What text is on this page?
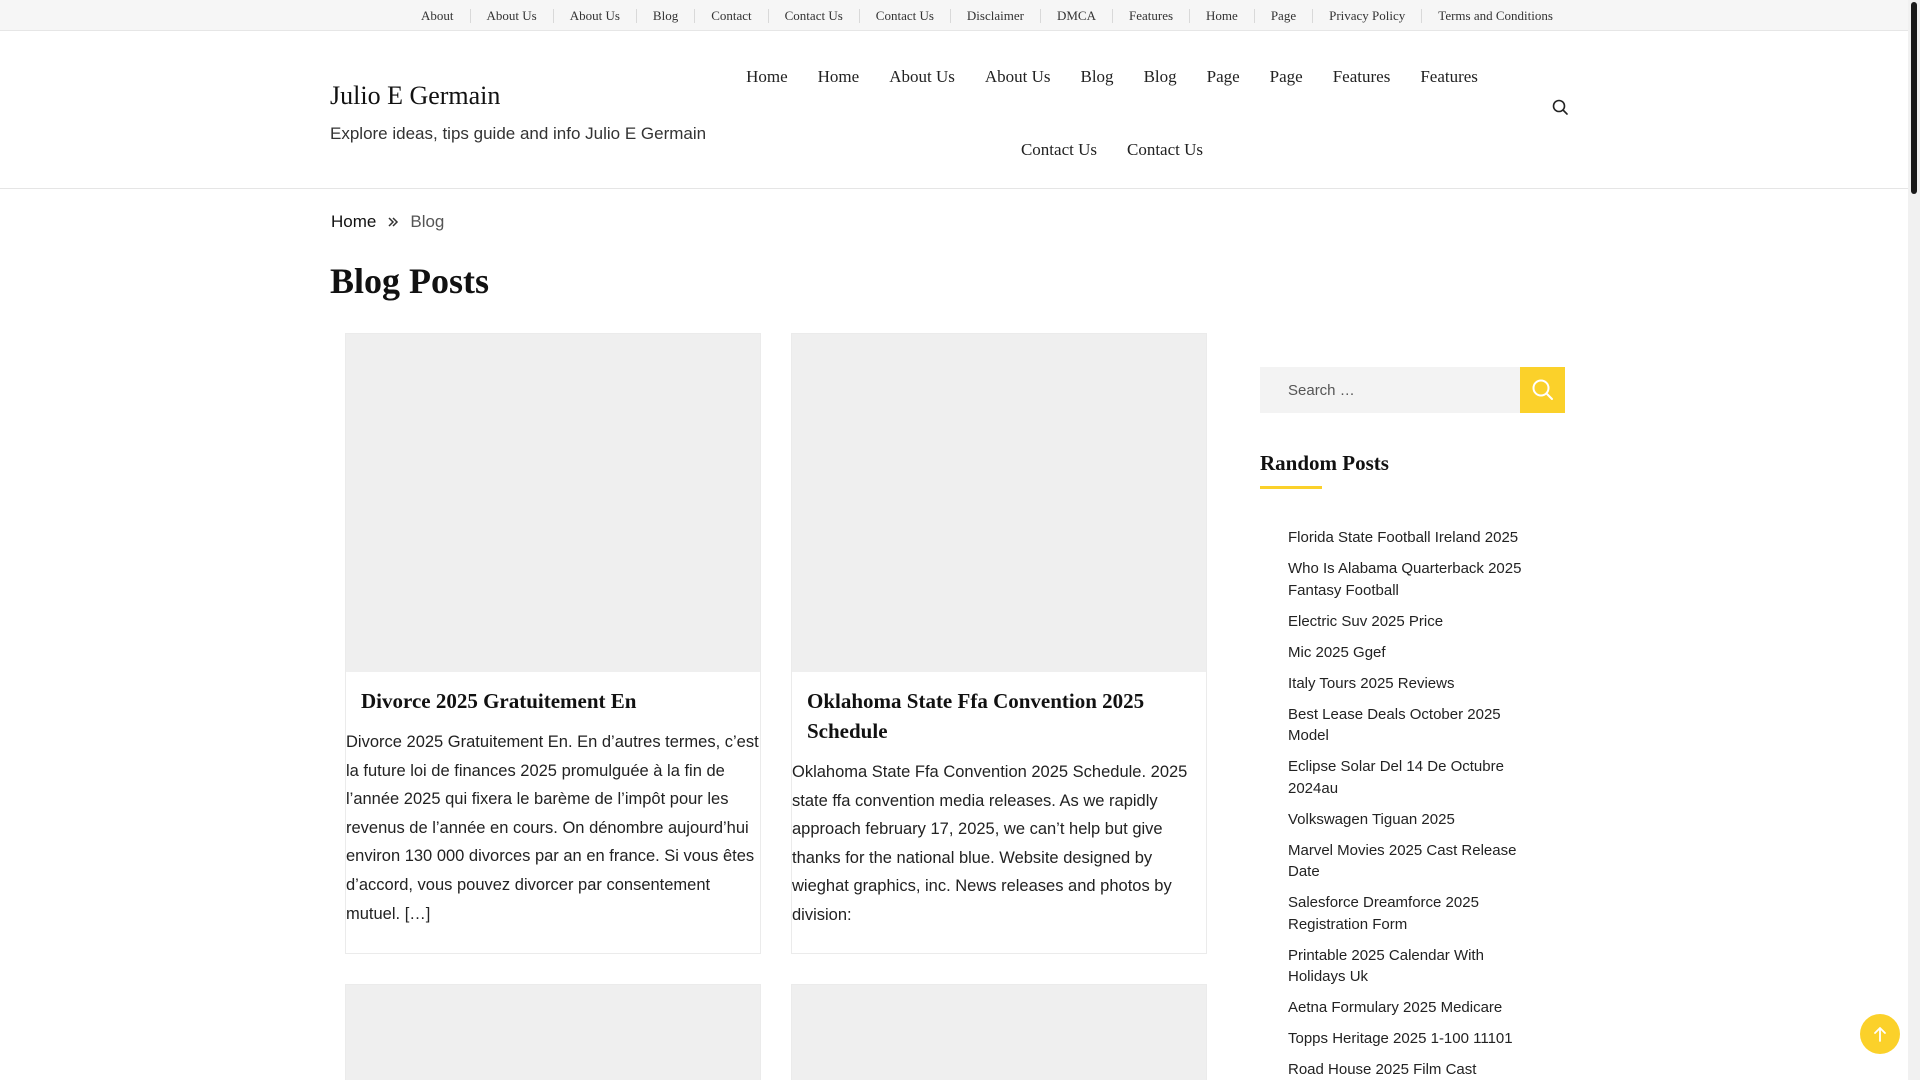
About	About Us	About Us	Blog	Contact	Contact Us	Contact Us	Disclaimer	DMCA	Features	Home	Page	Privacy Policy	Terms and Conditions
Julio E Germain
Explore ideas, tips guide and info Julio E Germain
Home	Home	About Us	About Us	Blog	Blog	Page	Page	Features	Features
Contact Us	Contact Us
Home Blog
Blog Posts
Divorce 2025 Gratuitement En

Divorce 2025 Gratuitement En. En d’autres termes, c’est la future loi de finances 2025 promulguée à la fin de l’année 2025 qui fixera le barème de l’impôt pour les revenus de l’année en cours. On dénombre aujourd’hui environ 130 000 divorces par an en france. Si vous êtes d’accord, vous pouvez divorcer par consentement mutuel. […]

Oklahoma State Ffa Convention 2025 Schedule

Oklahoma State Ffa Convention 2025 Schedule. 2025 state ffa convention media releases. As we rapidly approach february 17, 2025, we can’t help but give thanks for the national blue. Website designed by wieghat graphics, inc. News releases and photos by division:

Search …
Random Posts
Florida State Football Ireland 2025
Who Is Alabama Quarterback 2025 Fantasy Football
Electric Suv 2025 Price
Mic 2025 Ggef
Italy Tours 2025 Reviews
Best Lease Deals October 2025 Model
Eclipse Solar Del 14 De Octubre 2024au
Volkswagen Tiguan 2025
Marvel Movies 2025 Cast Release Date
Salesforce Dreamforce 2025 Registration Form
Printable 2025 Calendar With Holidays Uk
Aetna Formulary 2025 Medicare
Topps Heritage 2025 1-100 11101
Road House 2025 Film Cast
